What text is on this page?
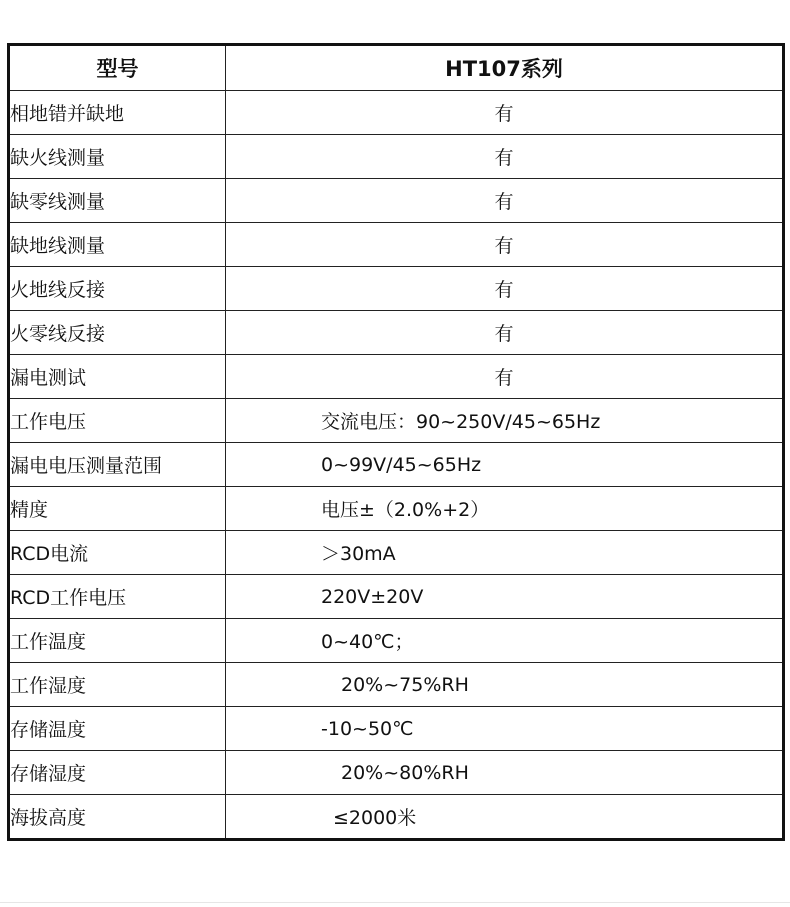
型号	HT107系列
相地错并缺地	有
缺火线测量	有
缺零线测量	有
缺地线测量	有
火地线反接	有
火零线反接	有
漏电测试	有
工作电压	交流电压：90~250V/45~65Hz
漏电电压测量范围	0~99V/45~65Hz
精度	电压±（2.0%+2）
RCD电流	＞30mA
RCD工作电压	220V±20V
工作温度	0~40℃；
工作湿度	20%~75%RH
存储温度	-10~50℃
存储湿度	20%~80%RH
海拔高度	≤2000米
